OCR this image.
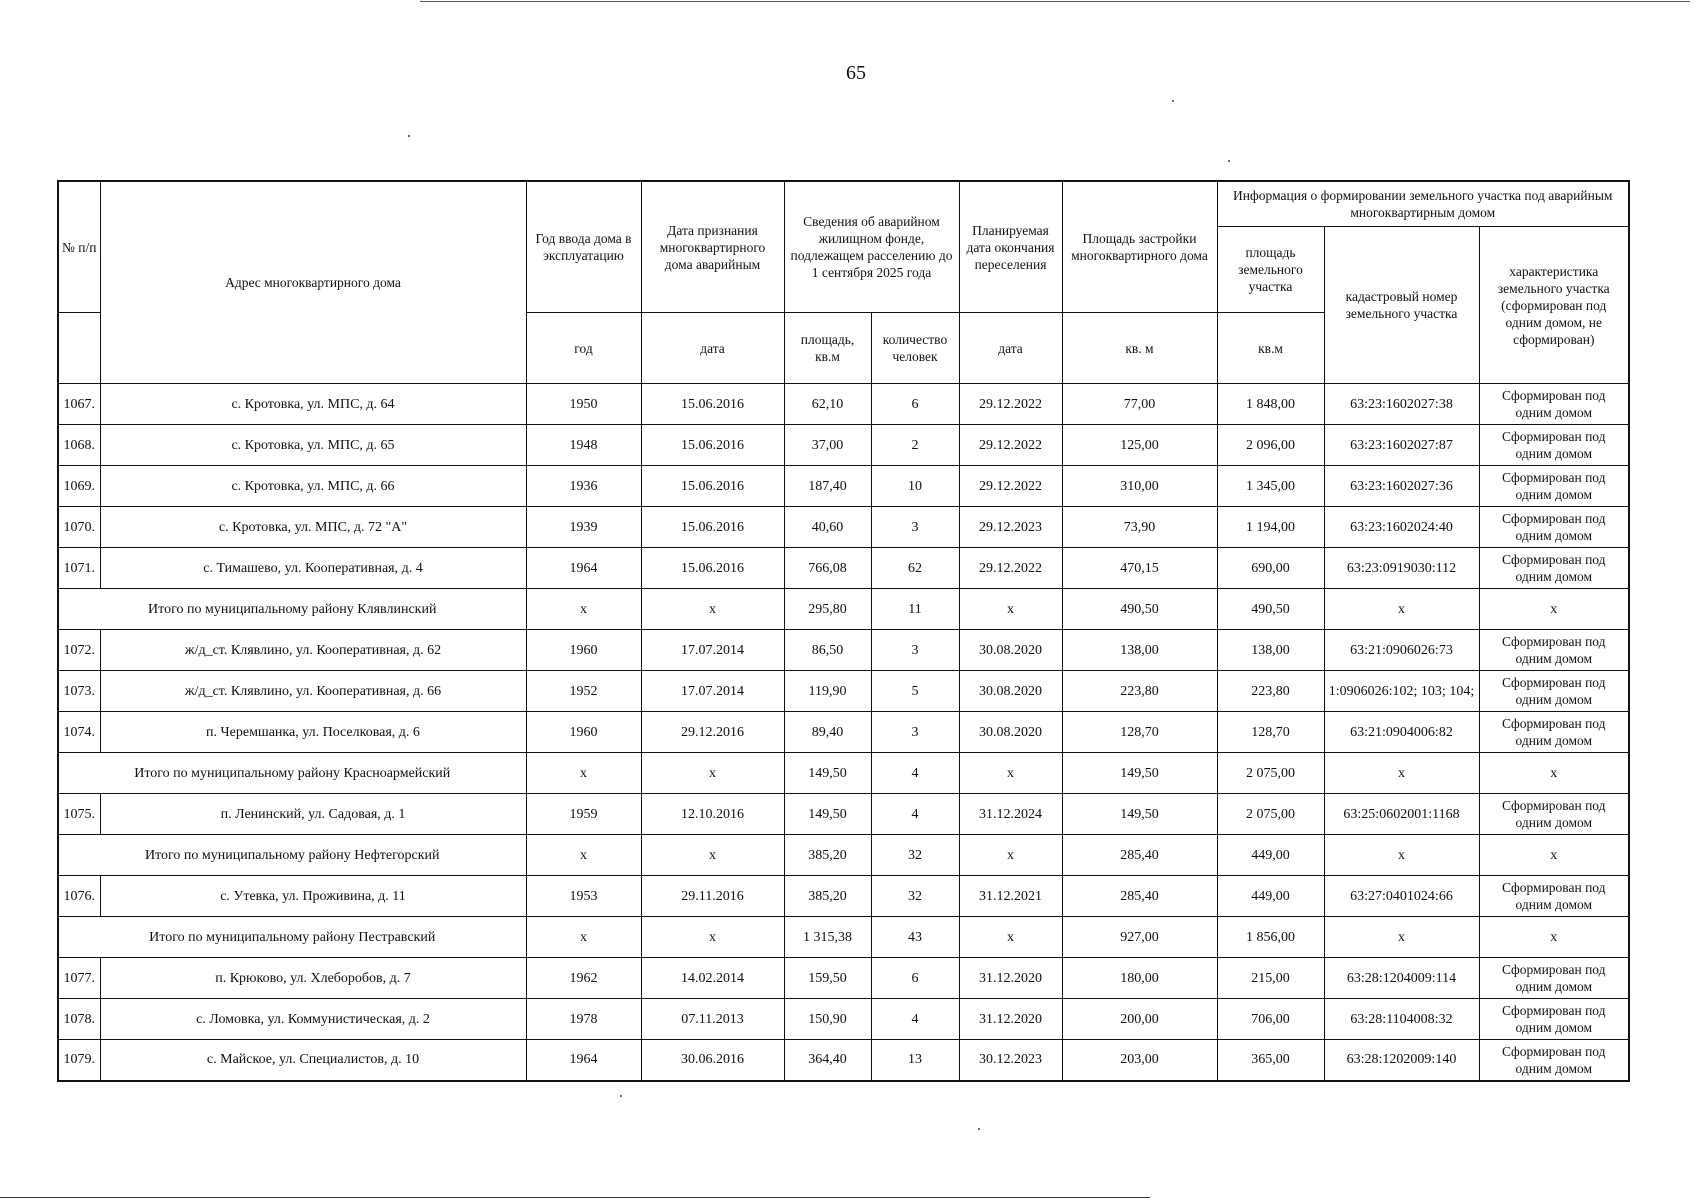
65
№ п/п	Адрес многоквартирного дома	Год ввода дома в эксплуатацию	Дата признания многоквартирного дома аварийным	Сведения об аварийном жилищном фонде, подлежащем расселению до 1 сентября 2025 года		Планируемая дата окончания переселения	Площадь застройки многоквартирного дома	Информация о формировании земельного участка под аварийным многоквартирным домом		
								площадь земельного участка	кадастровый номер земельного участка	характеристика земельного участка (сформирован под одним домом, не сформирован)
		год	дата	площадь, кв.м	количество человек	дата	кв. м	кв.м		
1067.	с. Кротовка, ул. МПС, д. 64	1950	15.06.2016	62,10	6	29.12.2022	77,00	1 848,00	63:23:1602027:38	Сформирован под
одним домом
1068.	с. Кротовка, ул. МПС, д. 65	1948	15.06.2016	37,00	2	29.12.2022	125,00	2 096,00	63:23:1602027:87	Сформирован под
одним домом
1069.	с. Кротовка, ул. МПС, д. 66	1936	15.06.2016	187,40	10	29.12.2022	310,00	1 345,00	63:23:1602027:36	Сформирован под
одним домом
1070.	с. Кротовка, ул. МПС, д. 72 "А"	1939	15.06.2016	40,60	3	29.12.2023	73,90	1 194,00	63:23:1602024:40	Сформирован под
одним домом
1071.	с. Тимашево, ул. Кооперативная, д. 4	1964	15.06.2016	766,08	62	29.12.2022	470,15	690,00	63:23:0919030:112	Сформирован под
одним домом
Итого по муниципальному району Клявлинский		x	x	295,80	11	x	490,50	490,50	x	x
1072.	ж/д_ст. Клявлино, ул. Кооперативная, д. 62	1960	17.07.2014	86,50	3	30.08.2020	138,00	138,00	63:21:0906026:73	Сформирован под
одним домом
1073.	ж/д_ст. Клявлино, ул. Кооперативная, д. 66	1952	17.07.2014	119,90	5	30.08.2020	223,80	223,80	1:0906026:102; 103; 104;	Сформирован под
одним домом
1074.	п. Черемшанка, ул. Поселковая, д. 6	1960	29.12.2016	89,40	3	30.08.2020	128,70	128,70	63:21:0904006:82	Сформирован под
одним домом
Итого по муниципальному району Красноармейский		x	x	149,50	4	x	149,50	2 075,00	x	x
1075.	п. Ленинский, ул. Садовая, д. 1	1959	12.10.2016	149,50	4	31.12.2024	149,50	2 075,00	63:25:0602001:1168	Сформирован под
одним домом
Итого по муниципальному району Нефтегорский		x	x	385,20	32	x	285,40	449,00	x	x
1076.	с. Утевка, ул. Проживина, д. 11	1953	29.11.2016	385,20	32	31.12.2021	285,40	449,00	63:27:0401024:66	Сформирован под
одним домом
Итого по муниципальному району Пестравский		x	x	1 315,38	43	x	927,00	1 856,00	x	x
1077.	п. Крюково, ул. Хлеборобов, д. 7	1962	14.02.2014	159,50	6	31.12.2020	180,00	215,00	63:28:1204009:114	Сформирован под
одним домом
1078.	с. Ломовка, ул. Коммунистическая, д. 2	1978	07.11.2013	150,90	4	31.12.2020	200,00	706,00	63:28:1104008:32	Сформирован под
одним домом
1079.	с. Майское, ул. Специалистов, д. 10	1964	30.06.2016	364,40	13	30.12.2023	203,00	365,00	63:28:1202009:140	Сформирован под
одним домом
